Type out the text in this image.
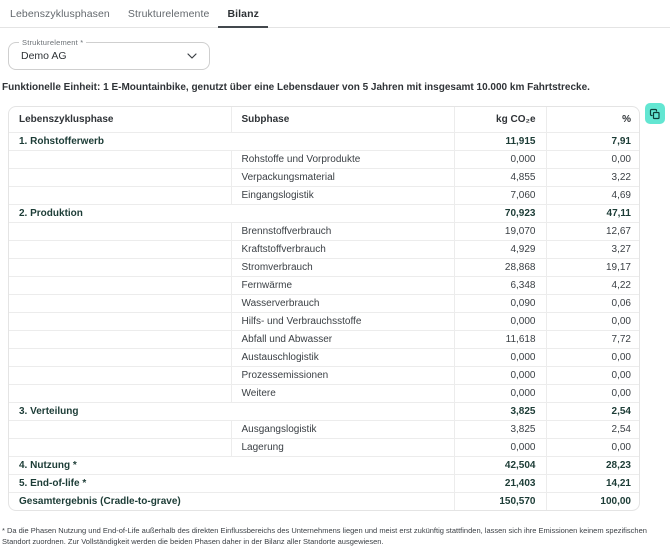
Lebenszyklusphasen	Strukturelemente	Bilanz
Strukturelement *
Demo AG
Funktionelle Einheit: 1 E-Mountainbike, genutzt über eine Lebensdauer von 5 Jahren mit insgesamt 10.000 km Fahrtstrecke.
Lebenszyklusphase	Subphase	kg CO₂e	%
1. Rohstofferwerb		11,915	7,91
	Rohstoffe und Vorprodukte	0,000	0,00
	Verpackungsmaterial	4,855	3,22
	Eingangslogistik	7,060	4,69
2. Produktion		70,923	47,11
	Brennstoffverbrauch	19,070	12,67
	Kraftstoffverbrauch	4,929	3,27
	Stromverbrauch	28,868	19,17
	Fernwärme	6,348	4,22
	Wasserverbrauch	0,090	0,06
	Hilfs- und Verbrauchsstoffe	0,000	0,00
	Abfall und Abwasser	11,618	7,72
	Austauschlogistik	0,000	0,00
	Prozessemissionen	0,000	0,00
	Weitere	0,000	0,00
3. Verteilung		3,825	2,54
	Ausgangslogistik	3,825	2,54
	Lagerung	0,000	0,00
4. Nutzung *		42,504	28,23
5. End-of-life *		21,403	14,21
Gesamtergebnis (Cradle-to-grave)		150,570	100,00
* Da die Phasen Nutzung und End-of-Life außerhalb des direkten Einflussbereichs des Unternehmens liegen und meist erst zukünftig stattfinden, lassen sich ihre Emissionen keinem spezifischen Standort zuordnen. Zur Vollständigkeit werden die beiden Phasen daher in der Bilanz aller Standorte ausgewiesen.
